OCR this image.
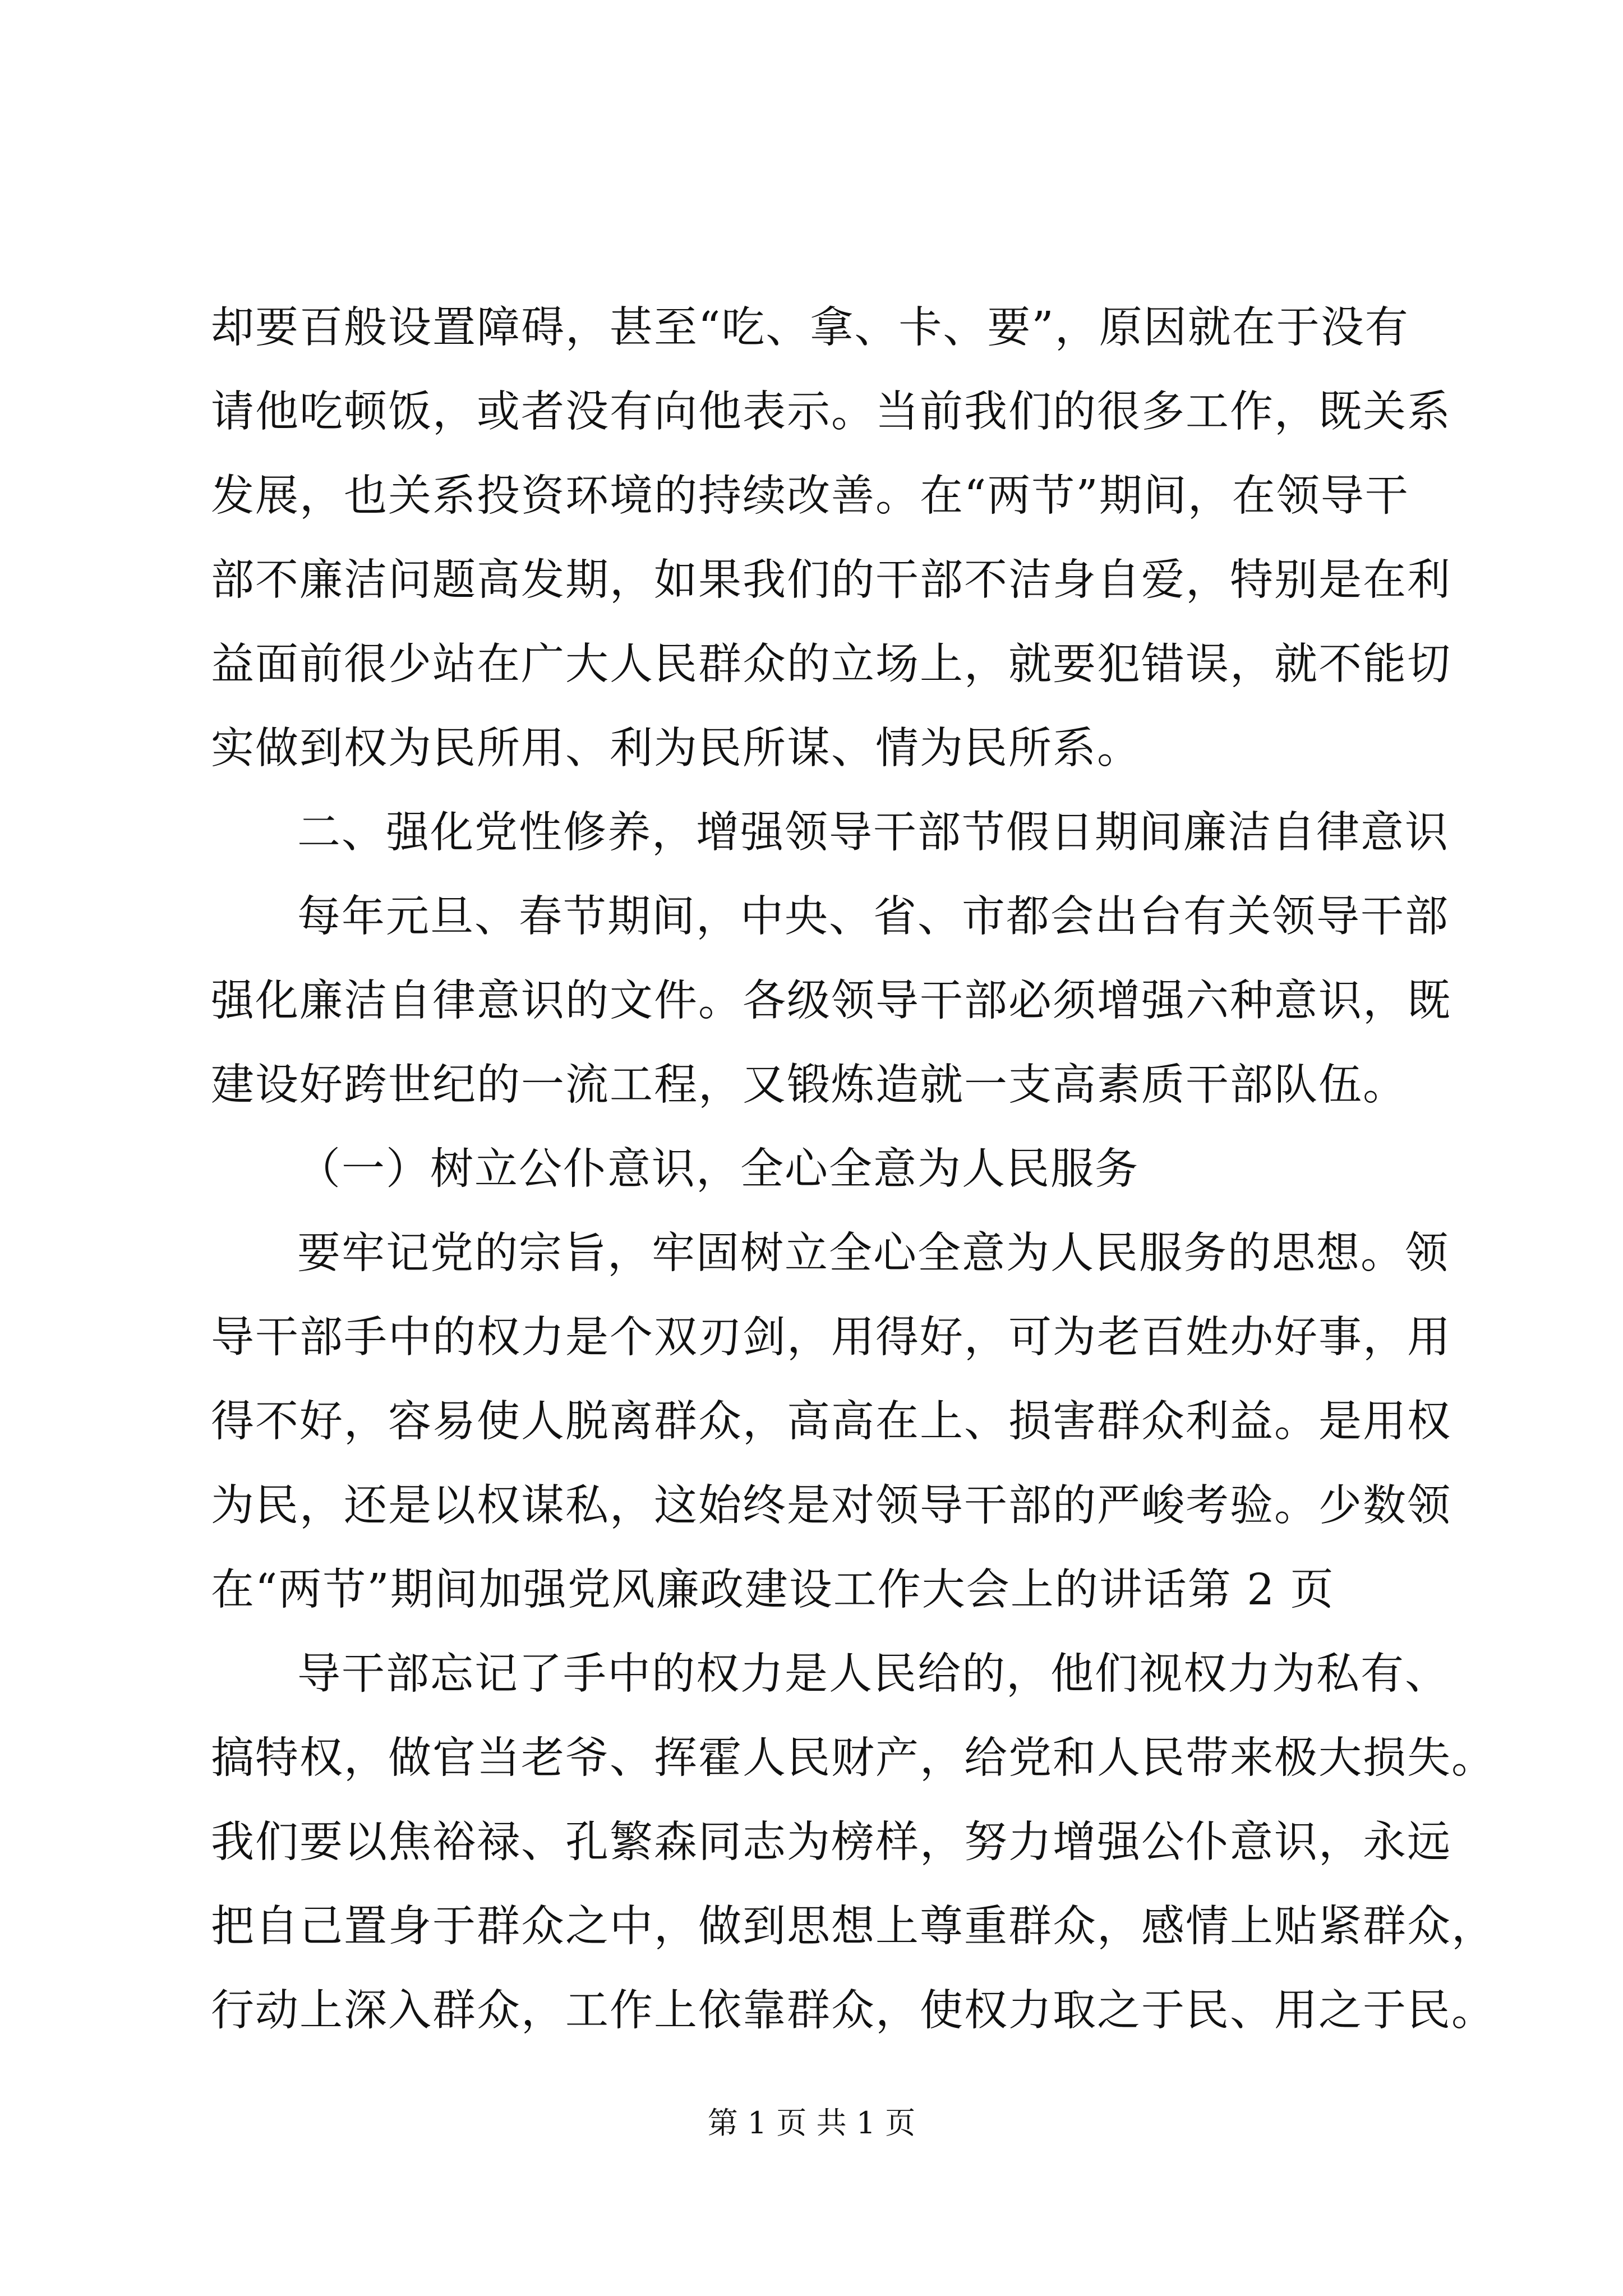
却要百般设置障碍，甚至“吃、拿、卡、要”，原因就在于没有
请他吃顿饭，或者没有向他表示。当前我们的很多工作，既关系
发展，也关系投资环境的持续改善。在“两节”期间，在领导干
部不廉洁问题高发期，如果我们的干部不洁身自爱，特别是在利
益面前很少站在广大人民群众的立场上，就要犯错误，就不能切
实做到权为民所用、利为民所谋、情为民所系。
二、强化党性修养，增强领导干部节假日期间廉洁自律意识
每年元旦、春节期间，中央、省、市都会出台有关领导干部
强化廉洁自律意识的文件。各级领导干部必须增强六种意识，既
建设好跨世纪的一流工程，又锻炼造就一支高素质干部队伍。
（一）树立公仆意识，全心全意为人民服务
要牢记党的宗旨，牢固树立全心全意为人民服务的思想。领
导干部手中的权力是个双刃剑，用得好，可为老百姓办好事，用
得不好，容易使人脱离群众，高高在上、损害群众利益。是用权
为民，还是以权谋私，这始终是对领导干部的严峻考验。少数领
在“两节”期间加强党风廉政建设工作大会上的讲话第 2 页
导干部忘记了手中的权力是人民给的，他们视权力为私有、
搞特权，做官当老爷、挥霍人民财产，给党和人民带来极大损失。
我们要以焦裕禄、孔繁森同志为榜样，努力增强公仆意识，永远
把自己置身于群众之中，做到思想上尊重群众，感情上贴紧群众，
行动上深入群众，工作上依靠群众，使权力取之于民、用之于民。
第 1 页 共 1 页
